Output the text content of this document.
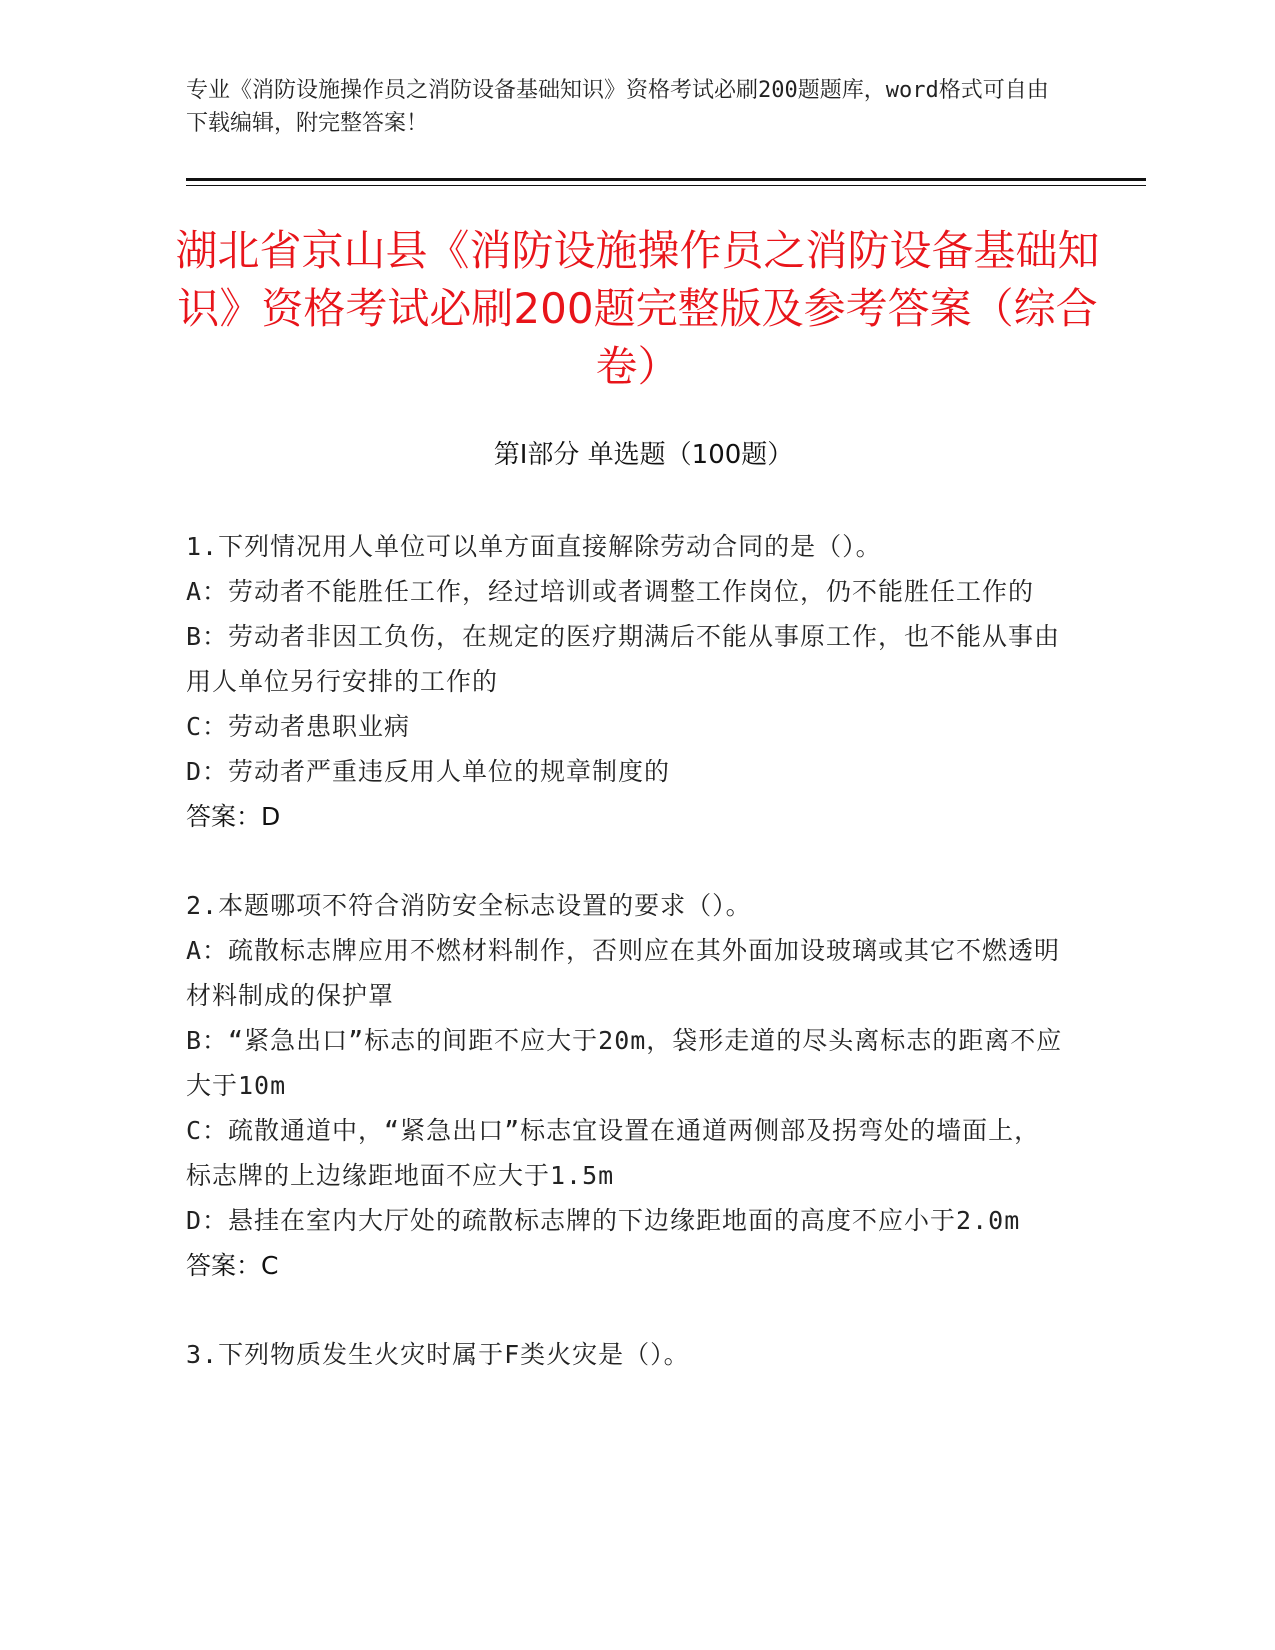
专业《消防设施操作员之消防设备基础知识》资格考试必刷200题题库，word格式可自由下载编辑，附完整答案！
湖北省京山县《消防设施操作员之消防设备基础知识》资格考试必刷200题完整版及参考答案（综合卷）
第Ⅰ部分 单选题（100题）
1.下列情况用人单位可以单方面直接解除劳动合同的是（）。
A：劳动者不能胜任工作，经过培训或者调整工作岗位，仍不能胜任工作的
B：劳动者非因工负伤，在规定的医疗期满后不能从事原工作，也不能从事由用人单位另行安排的工作的
C：劳动者患职业病
D：劳动者严重违反用人单位的规章制度的
答案：D
2.本题哪项不符合消防安全标志设置的要求（）。
A：疏散标志牌应用不燃材料制作，否则应在其外面加设玻璃或其它不燃透明材料制成的保护罩
B：“紧急出口”标志的间距不应大于20m，袋形走道的尽头离标志的距离不应大于10m
C：疏散通道中，“紧急出口”标志宜设置在通道两侧部及拐弯处的墙面上，标志牌的上边缘距地面不应大于1.5m
D：悬挂在室内大厅处的疏散标志牌的下边缘距地面的高度不应小于2.0m
答案：C
3.下列物质发生火灾时属于F类火灾是（）。
